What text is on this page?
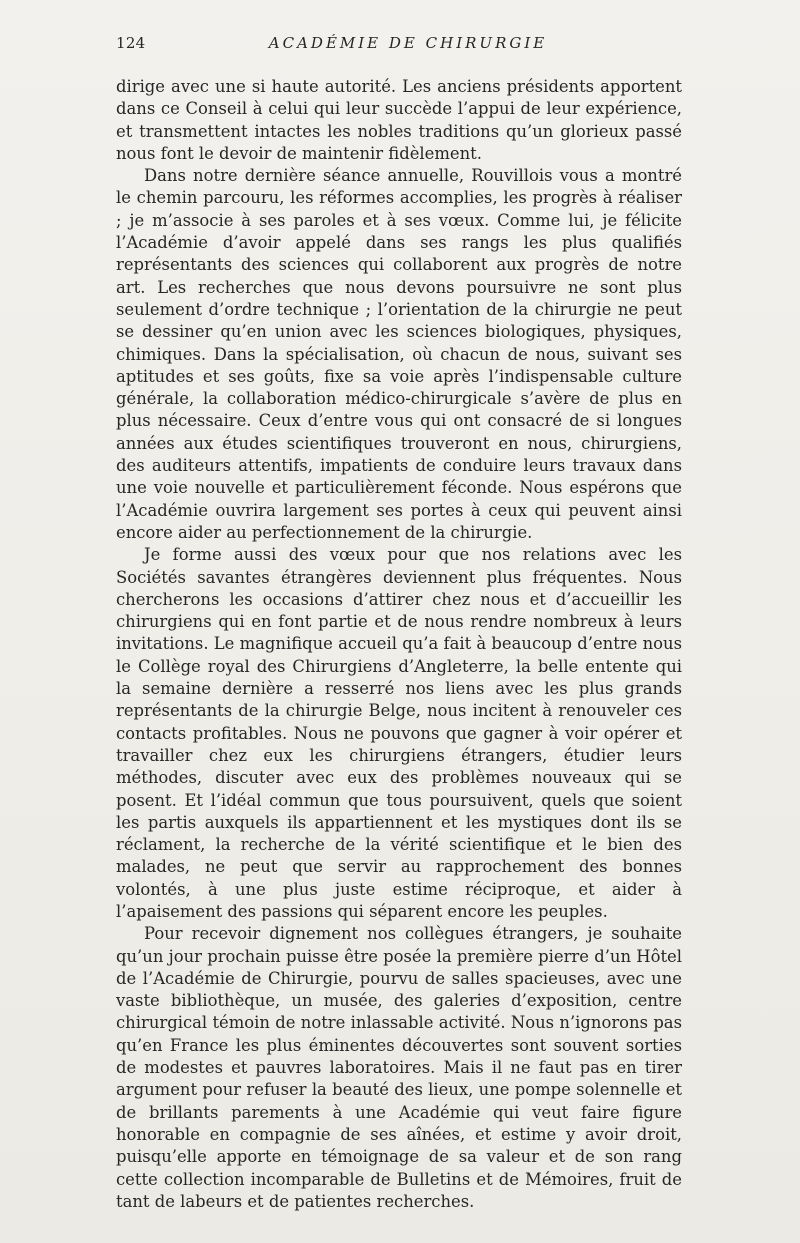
124	ACADÉMIE DE CHIRURGIE

dirige avec une si haute autorité. Les anciens présidents apportent dans ce Conseil à celui qui leur succède l’appui de leur expérience, et transmettent intactes les nobles traditions qu’un glorieux passé nous font le devoir de maintenir fidèlement.

Dans notre dernière séance annuelle, Rouvillois vous a montré le chemin parcouru, les réformes accomplies, les progrès à réaliser ; je m’associe à ses paroles et à ses vœux. Comme lui, je félicite l’Académie d’avoir appelé dans ses rangs les plus qualifiés représentants des sciences qui collaborent aux progrès de notre art. Les recherches que nous devons poursuivre ne sont plus seulement d’ordre technique ; l’orientation de la chirurgie ne peut se dessiner qu’en union avec les sciences biologiques, physiques, chimiques. Dans la spécialisation, où chacun de nous, suivant ses aptitudes et ses goûts, fixe sa voie après l’indispensable culture générale, la collaboration médico-chirurgicale s’avère de plus en plus nécessaire. Ceux d’entre vous qui ont consacré de si longues années aux études scientifiques trouveront en nous, chirurgiens, des auditeurs attentifs, impatients de conduire leurs travaux dans une voie nouvelle et particulièrement féconde. Nous espérons que l’Académie ouvrira largement ses portes à ceux qui peuvent ainsi encore aider au perfectionnement de la chirurgie.

Je forme aussi des vœux pour que nos relations avec les Sociétés savantes étrangères deviennent plus fréquentes. Nous chercherons les occasions d’attirer chez nous et d’accueillir les chirurgiens qui en font partie et de nous rendre nombreux à leurs invitations. Le magnifique accueil qu’a fait à beaucoup d’entre nous le Collège royal des Chirurgiens d’Angleterre, la belle entente qui la semaine dernière a resserré nos liens avec les plus grands représentants de la chirurgie Belge, nous incitent à renouveler ces contacts profitables. Nous ne pouvons que gagner à voir opérer et travailler chez eux les chirurgiens étrangers, étudier leurs méthodes, discuter avec eux des problèmes nouveaux qui se posent. Et l’idéal commun que tous poursuivent, quels que soient les partis auxquels ils appartiennent et les mystiques dont ils se réclament, la recherche de la vérité scientifique et le bien des malades, ne peut que servir au rapprochement des bonnes volontés, à une plus juste estime réciproque, et aider à l’apaisement des passions qui séparent encore les peuples.

Pour recevoir dignement nos collègues étrangers, je souhaite qu’un jour prochain puisse être posée la première pierre d’un Hôtel de l’Académie de Chirurgie, pourvu de salles spacieuses, avec une vaste bibliothèque, un musée, des galeries d’exposition, centre chirurgical témoin de notre inlassable activité. Nous n’ignorons pas qu’en France les plus éminentes découvertes sont souvent sorties de modestes et pauvres laboratoires. Mais il ne faut pas en tirer argument pour refuser la beauté des lieux, une pompe solennelle et de brillants parements à une Académie qui veut faire figure honorable en compagnie de ses aînées, et estime y avoir droit, puisqu’elle apporte en témoignage de sa valeur et de son rang cette collection incomparable de Bulletins et de Mémoires, fruit de tant de labeurs et de patientes recherches.
